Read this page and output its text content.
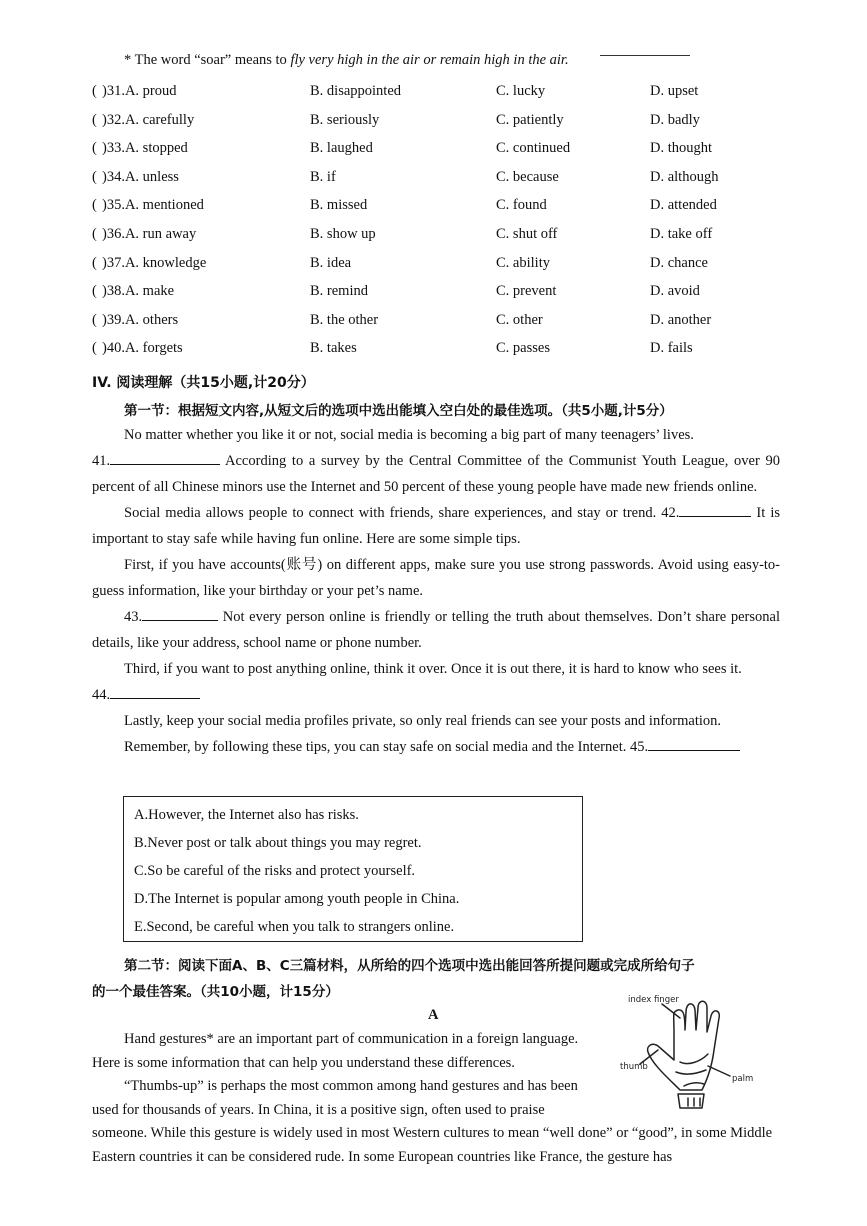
* The word “soar” means to fly very high in the air or remain high in the air.
( )31.A. proud	B. disappointed	C. lucky	D. upset
( )32.A. carefully	B. seriously	C. patiently	D. badly
( )33.A. stopped	B. laughed	C. continued	D. thought
( )34.A. unless	B. if	C. because	D. although
( )35.A. mentioned	B. missed	C. found	D. attended
( )36.A. run away	B. show up	C. shut off	D. take off
( )37.A. knowledge	B. idea	C. ability	D. chance
( )38.A. make	B. remind	C. prevent	D. avoid
( )39.A. others	B. the other	C. other	D. another
( )40.A. forgets	B. takes	C. passes	D. fails
IV. 阅读理解（共15小题,计20分）
第一节：根据短文内容,从短文后的选项中选出能填入空白处的最佳选项。（共5小题,计5分）

No matter whether you like it or not, social media is becoming a big part of many teenagers’ lives.
41.	According to a survey by the Central Committee of the Communist Youth League, over 90 percent of all Chinese minors use the Internet and 50 percent of these young people have made new friends online.

Social media allows people to connect with friends, share experiences, and stay or trend. 42.	It is important to stay safe while having fun online. Here are some simple tips.

First, if you have accounts(账号) on different apps, make sure you use strong passwords. Avoid using easy-to-guess information, like your birthday or your pet’s name.

43.	Not every person online is friendly or telling the truth about themselves. Don’t share personal details, like your address, school name or phone number.

Third, if you want to post anything online, think it over. Once it is out there, it is hard to know who sees it.
44.

Lastly, keep your social media profiles private, so only real friends can see your posts and information.

Remember, by following these tips, you can stay safe on social media and the Internet. 45.

A.However, the Internet also has risks.
B.Never post or talk about things you may regret.
C.So be careful of the risks and protect yourself.
D.The Internet is popular among youth people in China.
E.Second, be careful when you talk to strangers online.

第二节：阅读下面A、B、C三篇材料，从所给的四个选项中选出能回答所提问题或完成所给句子

的一个最佳答案。（共10小题，计15分）

A

Hand gestures* are an important part of communication in a foreign language. Here is some information that can help you understand these differences.

“Thumbs-up” is perhaps the most common among hand gestures and has been used for thousands of years. In China, it is a positive sign, often used to praise

someone. While this gesture is widely used in most Western cultures to mean “well done” or “good”, in some Middle Eastern countries it can be considered rude. In some European countries like France, the gesture has

index finger
thumb
palm
